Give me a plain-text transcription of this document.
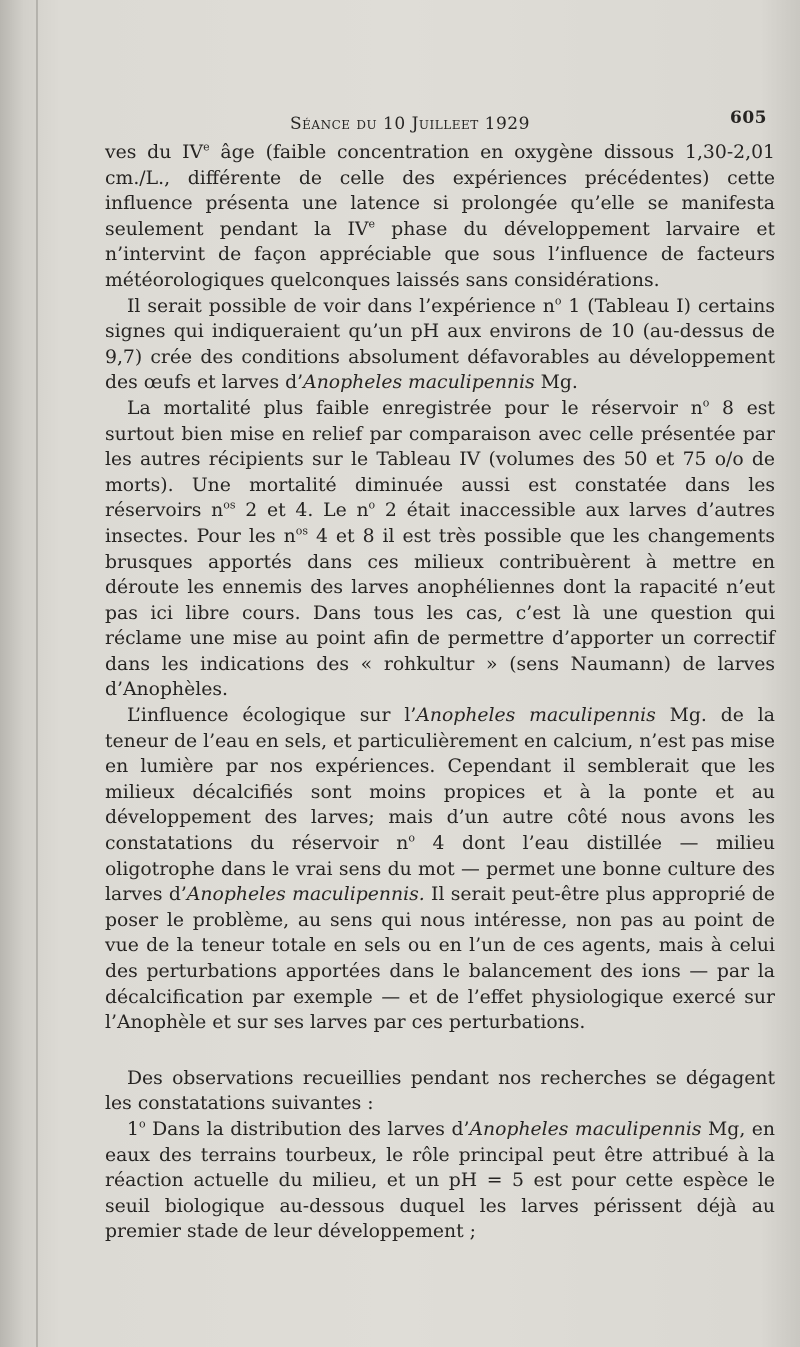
Séance du 10 Juilleet 1929	605

ves du IVe âge (faible concentration en oxygène dissous 1,30-2,01 cm./L., différente de celle des expériences précédentes) cette influence présenta une latence si prolongée qu’elle se manifesta seulement pendant la IVe phase du développement larvaire et n’intervint de façon appréciable que sous l’influence de facteurs météorologiques quelconques laissés sans considérations.

Il serait possible de voir dans l’expérience $n^o$ 1 (Tableau I) certains signes qui indiqueraient qu’un pH aux environs de 10 (au-dessus de 9,7) crée des conditions absolument défavorables au développement des œufs et larves d’Anopheles maculipennis Mg.

La mortalité plus faible enregistrée pour le réservoir $n^o$ 8 est surtout bien mise en relief par comparaison avec celle présentée par les autres récipients sur le Tableau IV (volumes des 50 et 75 o/o de morts). Une mortalité diminuée aussi est constatée dans les réservoirs $n^{os}$ 2 et 4. Le $n^o$ 2 était inaccessible aux larves d’autres insectes. Pour les $n^{os}$ 4 et 8 il est très possible que les changements brusques apportés dans ces milieux contribuèrent à mettre en déroute les ennemis des larves anophéliennes dont la rapacité n’eut pas ici libre cours. Dans tous les cas, c’est là une question qui réclame une mise au point afin de permettre d’apporter un correctif dans les indications des « rohkultur » (sens Naumann) de larves d’Anophèles.

L’influence écologique sur l’Anopheles maculipennis Mg. de la teneur de l’eau en sels, et particulièrement en calcium, n’est pas mise en lumière par nos expériences. Cependant il semblerait que les milieux décalcifiés sont moins propices et à la ponte et au développement des larves; mais d’un autre côté nous avons les constatations du réservoir $n^o$ 4 dont l’eau distillée — milieu oligotrophe dans le vrai sens du mot — permet une bonne culture des larves d’Anopheles maculipennis. Il serait peut-être plus approprié de poser le problème, au sens qui nous intéresse, non pas au point de vue de la teneur totale en sels ou en l’un de ces agents, mais à celui des perturbations apportées dans le balancement des ions — par la décalcification par exemple — et de l’effet physiologique exercé sur l’Anophèle et sur ses larves par ces perturbations.

Des observations recueillies pendant nos recherches se dégagent les constatations suivantes :

1$^o$ Dans la distribution des larves d’Anopheles maculipennis Mg, en eaux des terrains tourbeux, le rôle principal peut être attribué à la réaction actuelle du milieu, et un pH = 5 est pour cette espèce le seuil biologique au-dessous duquel les larves périssent déjà au premier stade de leur développement ;
